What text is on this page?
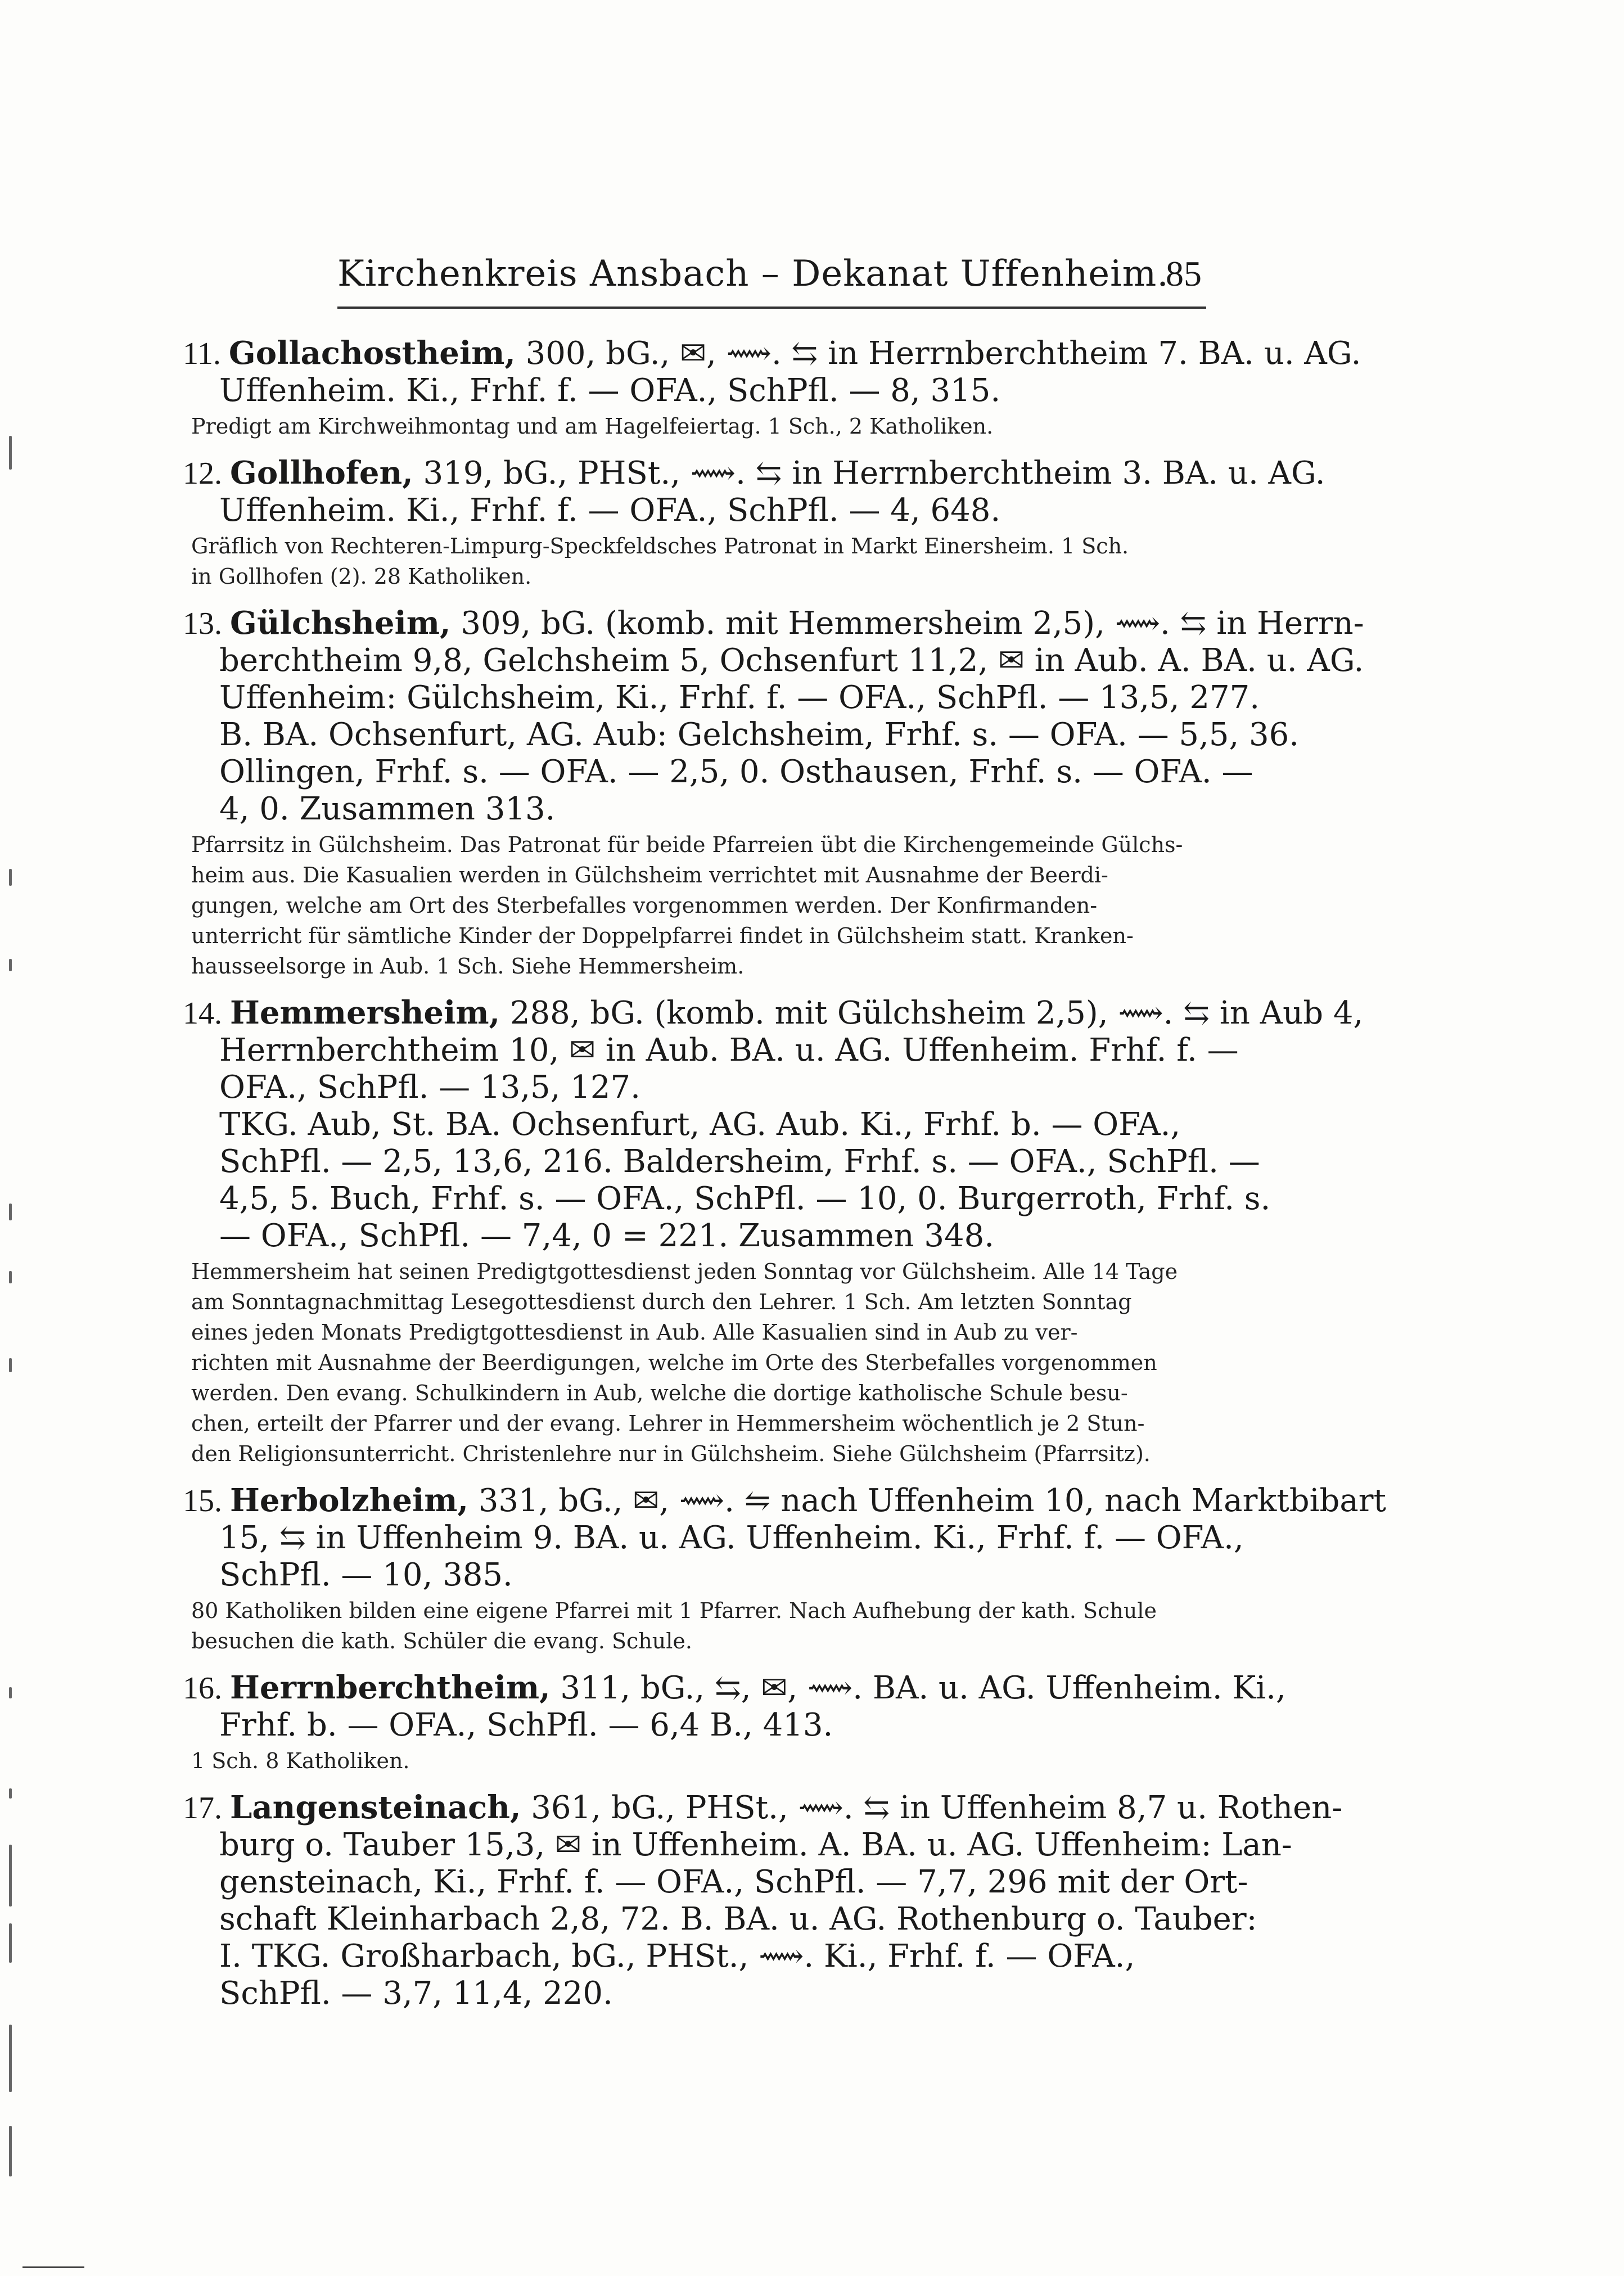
Kirchenkreis Ansbach – Dekanat Uffenheim.
85
11. Gollachostheim, 300, bG., ✉, ⟿. ⇆ in Herrnberchtheim 7. BA. u. AG.
Uffenheim. Ki., Frhf. f. — OFA., SchPfl. — 8, 315.
Predigt am Kirchweihmontag und am Hagelfeiertag. 1 Sch., 2 Katholiken.
12. Gollhofen, 319, bG., PHSt., ⟿. ⇆ in Herrnberchtheim 3. BA. u. AG.
Uffenheim. Ki., Frhf. f. — OFA., SchPfl. — 4, 648.
Gräflich von Rechteren-Limpurg-Speckfeldsches Patronat in Markt Einersheim. 1 Sch.
in Gollhofen (2). 28 Katholiken.
13. Gülchsheim, 309, bG. (komb. mit Hemmersheim 2,5), ⟿. ⇆ in Herrn-
berchtheim 9,8, Gelchsheim 5, Ochsenfurt 11,2, ✉ in Aub. A. BA. u. AG.
Uffenheim: Gülchsheim, Ki., Frhf. f. — OFA., SchPfl. — 13,5, 277.
B. BA. Ochsenfurt, AG. Aub: Gelchsheim, Frhf. s. — OFA. — 5,5, 36.
Ollingen, Frhf. s. — OFA. — 2,5, 0. Osthausen, Frhf. s. — OFA. —
4, 0. Zusammen 313.
Pfarrsitz in Gülchsheim. Das Patronat für beide Pfarreien übt die Kirchengemeinde Gülchs-
heim aus. Die Kasualien werden in Gülchsheim verrichtet mit Ausnahme der Beerdi-
gungen, welche am Ort des Sterbefalles vorgenommen werden. Der Konfirmanden-
unterricht für sämtliche Kinder der Doppelpfarrei findet in Gülchsheim statt. Kranken-
hausseelsorge in Aub. 1 Sch. Siehe Hemmersheim.
14. Hemmersheim, 288, bG. (komb. mit Gülchsheim 2,5), ⟿. ⇆ in Aub 4,
Herrnberchtheim 10, ✉ in Aub. BA. u. AG. Uffenheim. Frhf. f. —
OFA., SchPfl. — 13,5, 127.
TKG. Aub, St. BA. Ochsenfurt, AG. Aub. Ki., Frhf. b. — OFA.,
SchPfl. — 2,5, 13,6, 216. Baldersheim, Frhf. s. — OFA., SchPfl. —
4,5, 5. Buch, Frhf. s. — OFA., SchPfl. — 10, 0. Burgerroth, Frhf. s.
— OFA., SchPfl. — 7,4, 0 = 221. Zusammen 348.
Hemmersheim hat seinen Predigtgottesdienst jeden Sonntag vor Gülchsheim. Alle 14 Tage
am Sonntagnachmittag Lesegottesdienst durch den Lehrer. 1 Sch. Am letzten Sonntag
eines jeden Monats Predigtgottesdienst in Aub. Alle Kasualien sind in Aub zu ver-
richten mit Ausnahme der Beerdigungen, welche im Orte des Sterbefalles vorgenommen
werden. Den evang. Schulkindern in Aub, welche die dortige katholische Schule besu-
chen, erteilt der Pfarrer und der evang. Lehrer in Hemmersheim wöchentlich je 2 Stun-
den Religionsunterricht. Christenlehre nur in Gülchsheim. Siehe Gülchsheim (Pfarrsitz).
15. Herbolzheim, 331, bG., ✉, ⟿. ⇋ nach Uffenheim 10, nach Marktbibart
15, ⇆ in Uffenheim 9. BA. u. AG. Uffenheim. Ki., Frhf. f. — OFA.,
SchPfl. — 10, 385.
80 Katholiken bilden eine eigene Pfarrei mit 1 Pfarrer. Nach Aufhebung der kath. Schule
besuchen die kath. Schüler die evang. Schule.
16. Herrnberchtheim, 311, bG., ⇆, ✉, ⟿. BA. u. AG. Uffenheim. Ki.,
Frhf. b. — OFA., SchPfl. — 6,4 B., 413.
1 Sch. 8 Katholiken.
17. Langensteinach, 361, bG., PHSt., ⟿. ⇆ in Uffenheim 8,7 u. Rothen-
burg o. Tauber 15,3, ✉ in Uffenheim. A. BA. u. AG. Uffenheim: Lan-
gensteinach, Ki., Frhf. f. — OFA., SchPfl. — 7,7, 296 mit der Ort-
schaft Kleinharbach 2,8, 72. B. BA. u. AG. Rothenburg o. Tauber:
I. TKG. Großharbach, bG., PHSt., ⟿. Ki., Frhf. f. — OFA.,
SchPfl. — 3,7, 11,4, 220.
